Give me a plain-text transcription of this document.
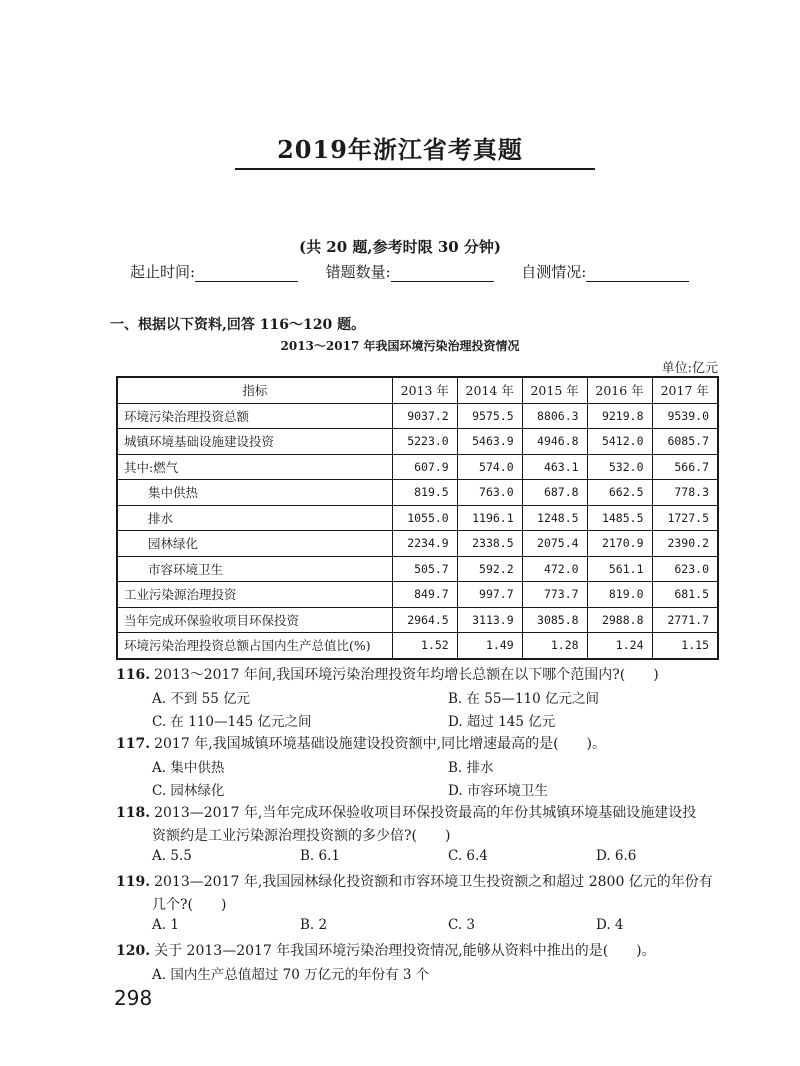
2019年浙江省考真题
(共 20 题,参考时限 30 分钟)
起止时间:	错题数量:	自测情况:
一、根据以下资料,回答 116～120 题。
2013～2017 年我国环境污染治理投资情况
单位:亿元
指标	2013 年	2014 年	2015 年	2016 年	2017 年
环境污染治理投资总额	9037.2	9575.5	8806.3	9219.8	9539.0
城镇环境基础设施建设投资	5223.0	5463.9	4946.8	5412.0	6085.7
其中:燃气	607.9	574.0	463.1	532.0	566.7
集中供热	819.5	763.0	687.8	662.5	778.3
排水	1055.0	1196.1	1248.5	1485.5	1727.5
园林绿化	2234.9	2338.5	2075.4	2170.9	2390.2
市容环境卫生	505.7	592.2	472.0	561.1	623.0
工业污染源治理投资	849.7	997.7	773.7	819.0	681.5
当年完成环保验收项目环保投资	2964.5	3113.9	3085.8	2988.8	2771.7
环境污染治理投资总额占国内生产总值比(%)	1.52	1.49	1.28	1.24	1.15
116. 2013～2017 年间,我国环境污染治理投资年均增长总额在以下哪个范围内?(　　)
A. 不到 55 亿元	B. 在 55—110 亿元之间
C. 在 110—145 亿元之间	D. 超过 145 亿元
117. 2017 年,我国城镇环境基础设施建设投资额中,同比增速最高的是(　　)。
A. 集中供热	B. 排水
C. 园林绿化	D. 市容环境卫生
118. 2013—2017 年,当年完成环保验收项目环保投资最高的年份其城镇环境基础设施建设投
资额约是工业污染源治理投资额的多少倍?(　　)
A. 5.5	B. 6.1	C. 6.4	D. 6.6
119. 2013—2017 年,我国园林绿化投资额和市容环境卫生投资额之和超过 2800 亿元的年份有
几个?(　　)
A. 1	B. 2	C. 3	D. 4
120. 关于 2013—2017 年我国环境污染治理投资情况,能够从资料中推出的是(　　)。
A. 国内生产总值超过 70 万亿元的年份有 3 个
298
